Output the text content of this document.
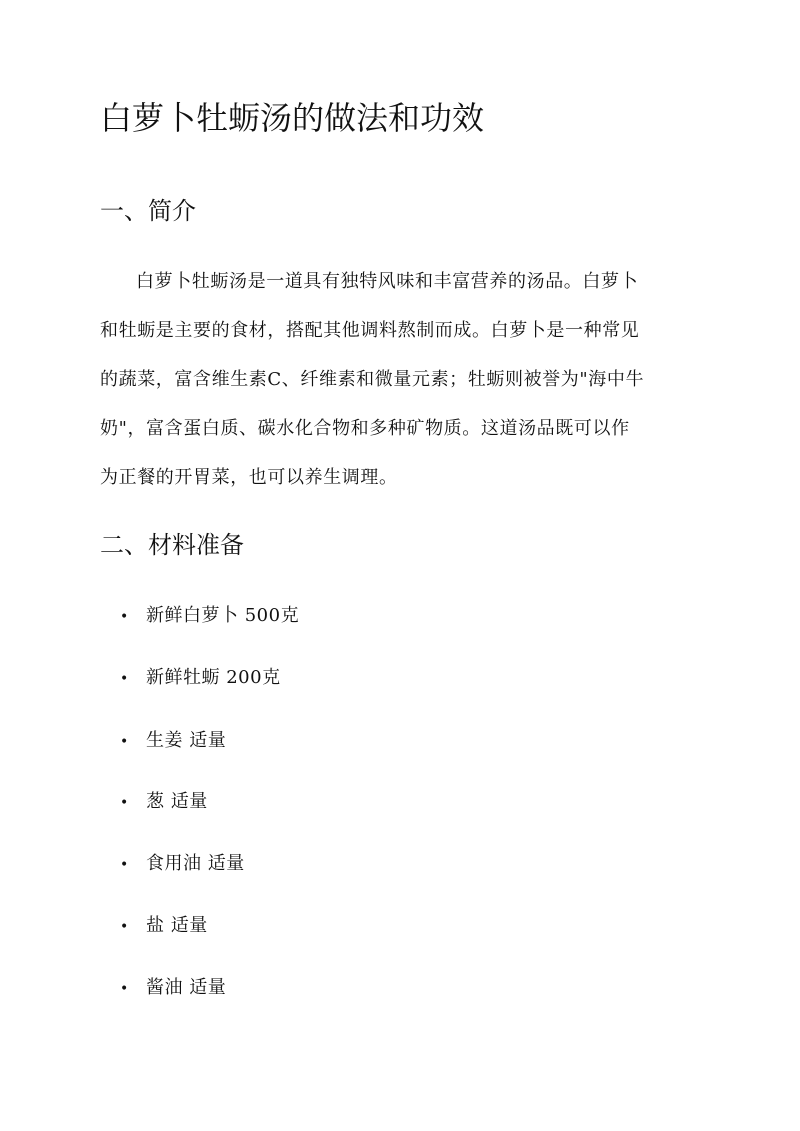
白萝卜牡蛎汤的做法和功效
一、简介
白萝卜牡蛎汤是一道具有独特风味和丰富营养的汤品。白萝卜
和牡蛎是主要的食材，搭配其他调料熬制而成。白萝卜是一种常见
的蔬菜，富含维生素C、纤维素和微量元素；牡蛎则被誉为"海中牛
奶"，富含蛋白质、碳水化合物和多种矿物质。这道汤品既可以作
为正餐的开胃菜，也可以养生调理。
二、材料准备
• 新鲜白萝卜 500克
• 新鲜牡蛎 200克
• 生姜 适量
• 葱 适量
• 食用油 适量
• 盐 适量
• 酱油 适量
